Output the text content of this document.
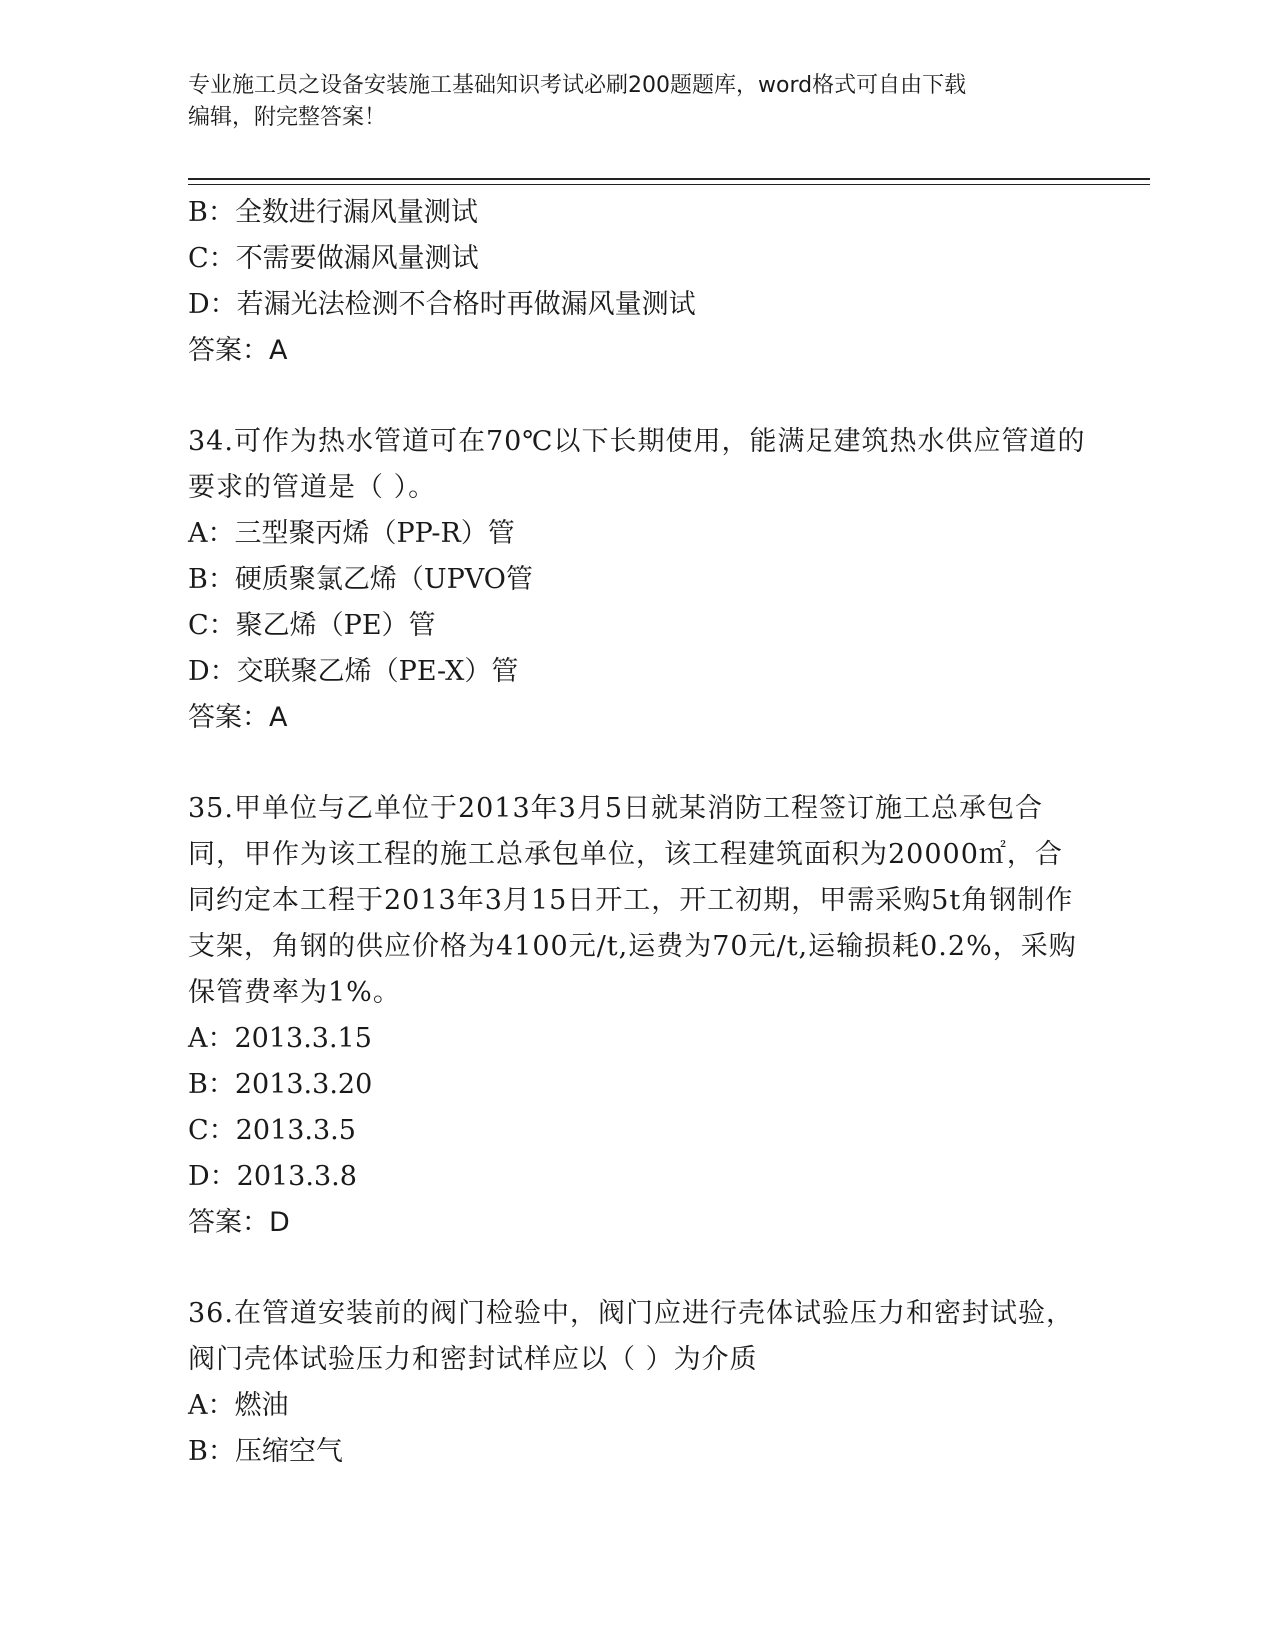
专业施工员之设备安装施工基础知识考试必刷200题题库，word格式可自由下载
编辑，附完整答案！
B：全数进行漏风量测试
C：不需要做漏风量测试
D：若漏光法检测不合格时再做漏风量测试
答案：A
34.可作为热水管道可在70℃以下长期使用，能满足建筑热水供应管道的要求的管道是（ ）。
A：三型聚丙烯（PP-R）管
B：硬质聚氯乙烯（UPVO管
C：聚乙烯（PE）管
D：交联聚乙烯（PE-X）管
答案：A
35.甲单位与乙单位于2013年3月5日就某消防工程签订施工总承包合同，甲作为该工程的施工总承包单位，该工程建筑面积为20000㎡，合同约定本工程于2013年3月15日开工，开工初期，甲需采购5t角钢制作支架，角钢的供应价格为4100元/t,运费为70元/t,运输损耗0.2%，采购保管费率为1%。
A：2013.3.15
B：2013.3.20
C：2013.3.5
D：2013.3.8
答案：D
36.在管道安装前的阀门检验中，阀门应进行壳体试验压力和密封试验，阀门壳体试验压力和密封试样应以（ ）为介质
A：燃油
B：压缩空气
